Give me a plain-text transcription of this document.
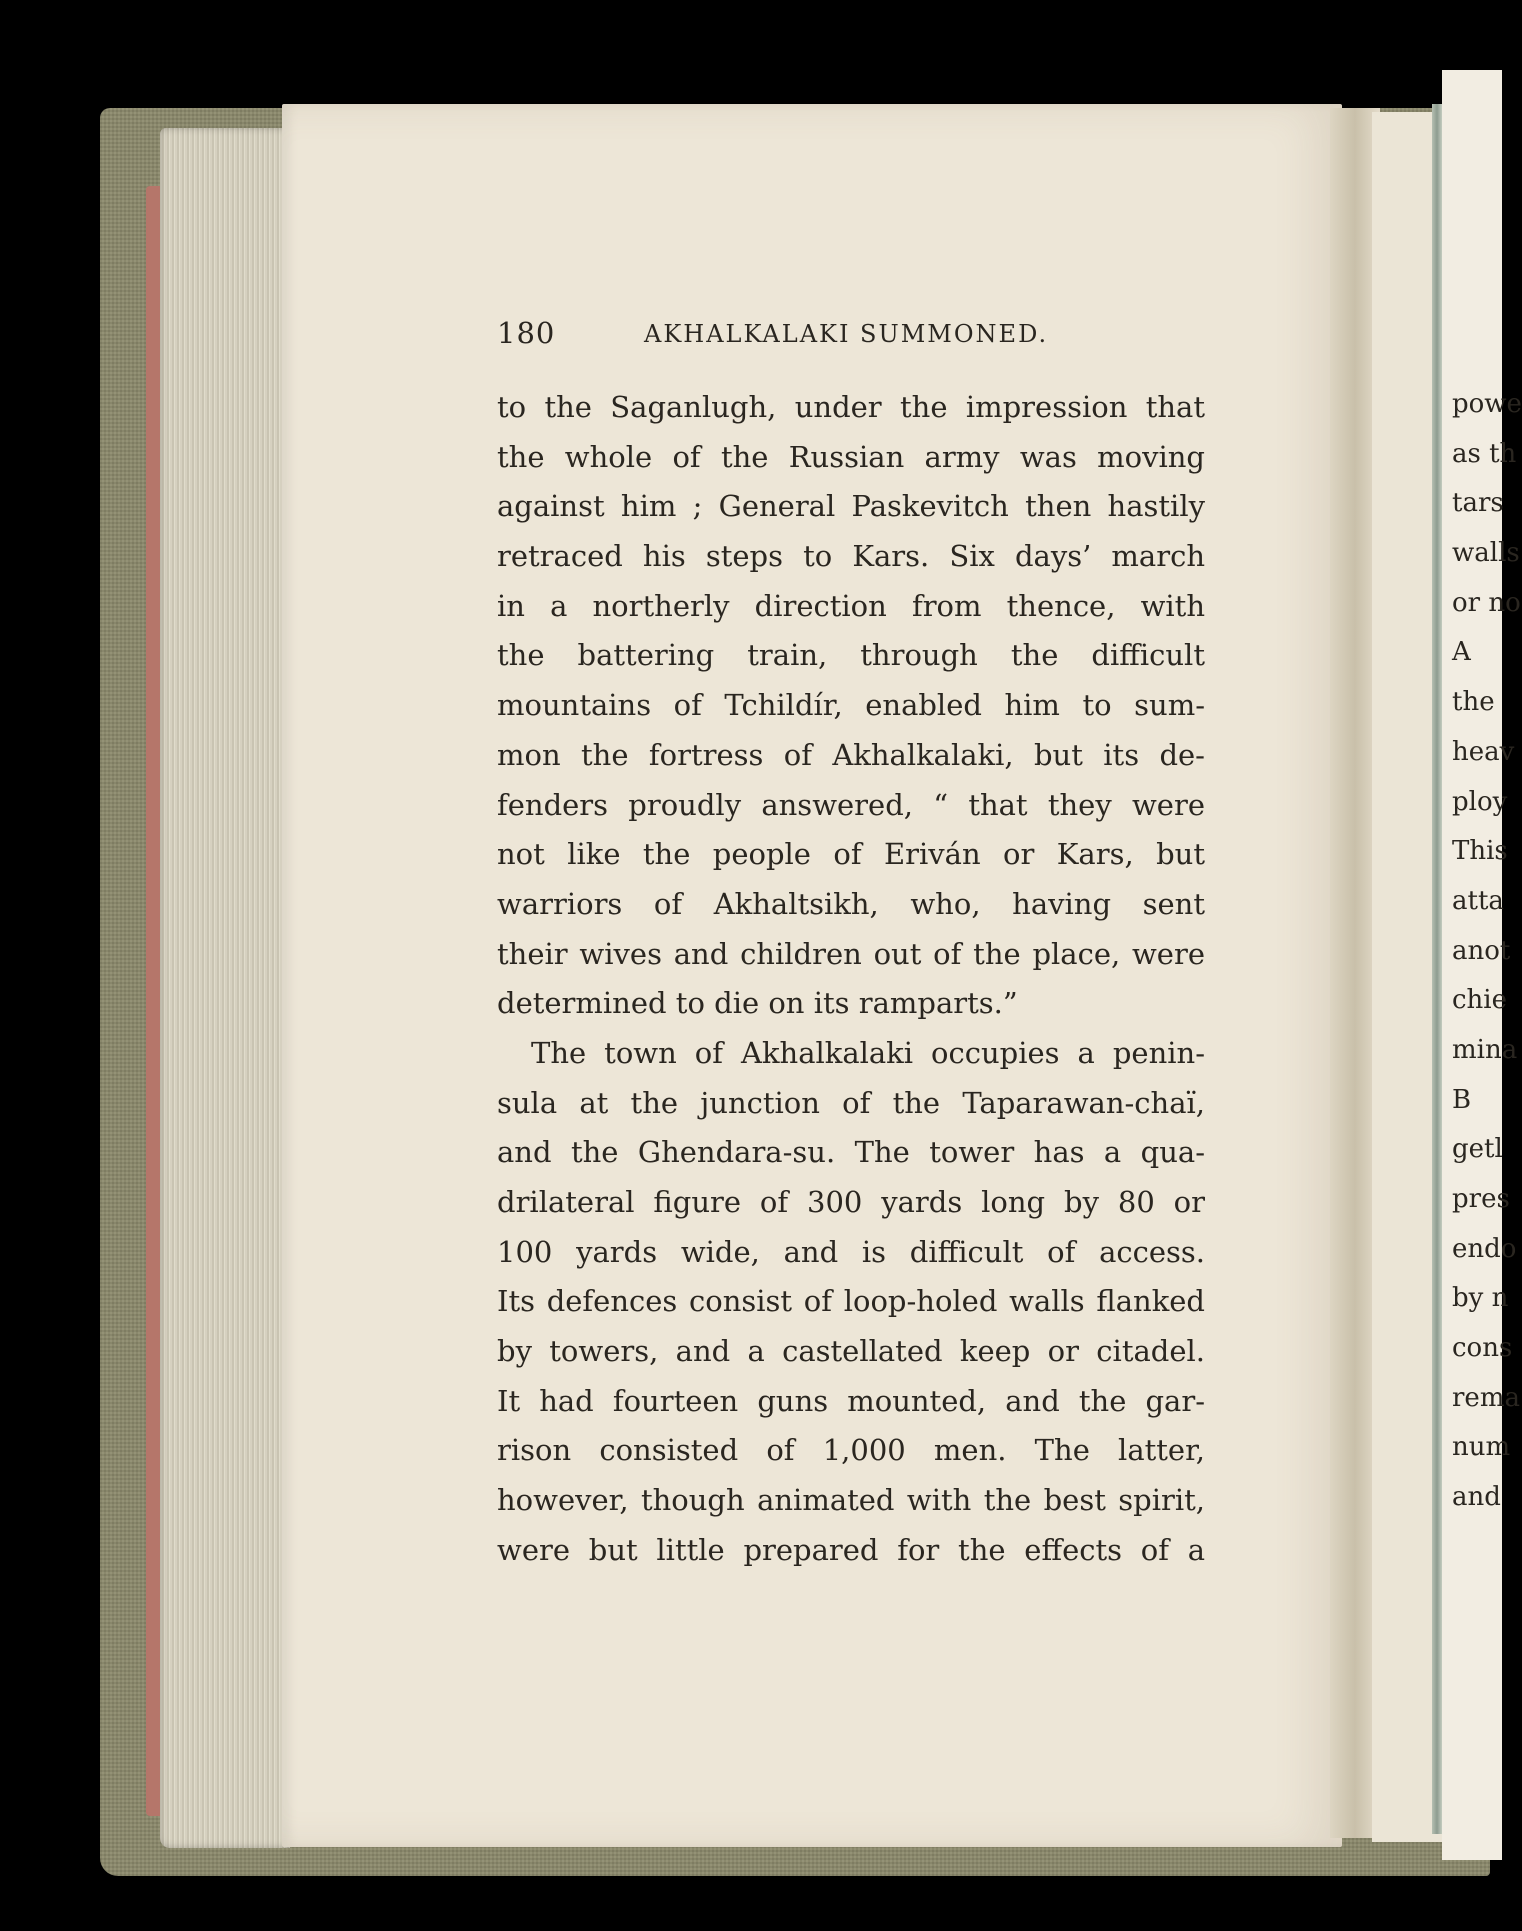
180	AKHALKALAKI SUMMONED.
to the Saganlugh, under the impression that
the whole of the Russian army was moving
against him ; General Paskevitch then hastily
retraced his steps to Kars. Six days’ march
in a northerly direction from thence, with
the battering train, through the difficult
mountains of Tchildír, enabled him to sum-
mon the fortress of Akhalkalaki, but its de-
fenders proudly answered, “ that they were
not like the people of Eriván or Kars, but
warriors of Akhaltsikh, who, having sent
their wives and children out of the place, were
determined to die on its ramparts.”
The town of Akhalkalaki occupies a penin-
sula at the junction of the Taparawan-chaï,
and the Ghendara-su. The tower has a qua-
drilateral figure of 300 yards long by 80 or
100 yards wide, and is difficult of access.
Its defences consist of loop-holed walls flanked
by towers, and a castellated keep or citadel.
It had fourteen guns mounted, and the gar-
rison consisted of 1,000 men. The latter,
however, though animated with the best spirit,
were but little prepared for the effects of a
powe
as th
tars
walls
or no
A
the
heav
ploy
This
atta
anot
chie
mina
B
getl
pres
endo
by n
cons
rema
num
and
